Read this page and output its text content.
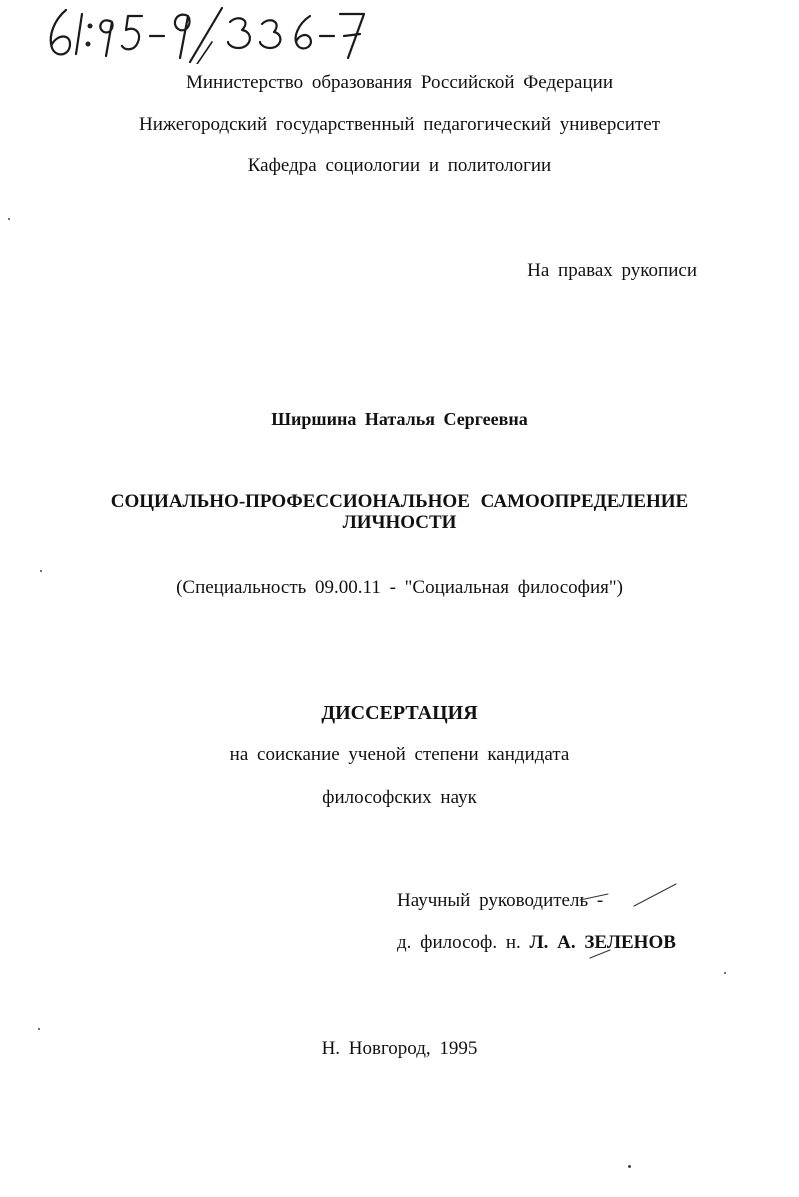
Министерство образования Российской Федерации
Нижегородский государственный педагогический университет
Кафедра социологии и политологии
На правах рукописи
Ширшина Наталья Сергеевна
СОЦИАЛЬНО-ПРОФЕССИОНАЛЬНОЕ САМООПРЕДЕЛЕНИЕ
ЛИЧНОСТИ
(Специальность 09.00.11 - "Социальная философия")
ДИССЕРТАЦИЯ
на соискание ученой степени кандидата
философских наук
Научный руководитель -
д. философ. н. Л. А. ЗЕЛЕНОВ
Н. Новгород, 1995
